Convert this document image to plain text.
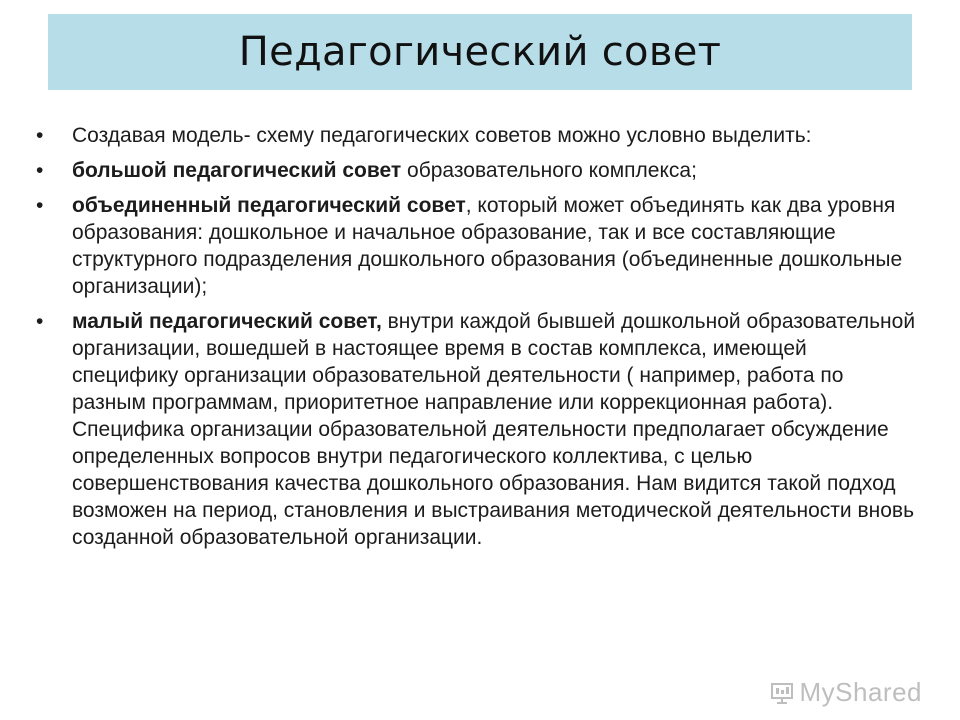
Педагогический совет
•	Создавая модель- схему педагогических советов можно условно выделить:
•	большой педагогический совет образовательного комплекса;
•	объединенный педагогический совет, который может объединять как два уровня образования: дошкольное и начальное образование, так и все составляющие структурного подразделения дошкольного образования (объединенные дошкольные организации);
•	малый педагогический совет, внутри каждой бывшей дошкольной образовательной организации, вошедшей в настоящее время в состав комплекса, имеющей специфику организации образовательной деятельности ( например, работа по разным программам, приоритетное направление или коррекционная работа). Специфика организации образовательной деятельности предполагает обсуждение определенных вопросов внутри педагогического коллектива, с целью совершенствования качества дошкольного образования. Нам видится такой подход возможен на период, становления и выстраивания методической деятельности вновь созданной образовательной организации.
MyShared
